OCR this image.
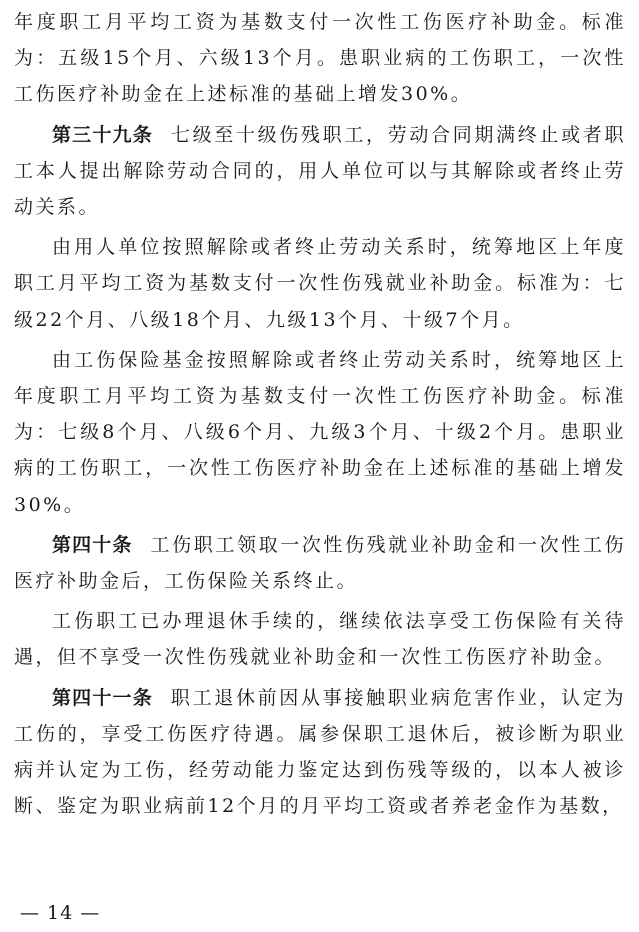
年度职工月平均工资为基数支付一次性工伤医疗补助金。标准为：五级15个月、六级13个月。患职业病的工伤职工，一次性工伤医疗补助金在上述标准的基础上增发30%。

第三十九条 七级至十级伤残职工，劳动合同期满终止或者职工本人提出解除劳动合同的，用人单位可以与其解除或者终止劳动关系。

由用人单位按照解除或者终止劳动关系时，统筹地区上年度职工月平均工资为基数支付一次性伤残就业补助金。标准为：七级22个月、八级18个月、九级13个月、十级7个月。

由工伤保险基金按照解除或者终止劳动关系时，统筹地区上年度职工月平均工资为基数支付一次性工伤医疗补助金。标准为：七级8个月、八级6个月、九级3个月、十级2个月。患职业病的工伤职工，一次性工伤医疗补助金在上述标准的基础上增发30%。

第四十条 工伤职工领取一次性伤残就业补助金和一次性工伤医疗补助金后，工伤保险关系终止。

工伤职工已办理退休手续的，继续依法享受工伤保险有关待遇，但不享受一次性伤残就业补助金和一次性工伤医疗补助金。

第四十一条 职工退休前因从事接触职业病危害作业，认定为工伤的，享受工伤医疗待遇。属参保职工退休后，被诊断为职业病并认定为工伤，经劳动能力鉴定达到伤残等级的，以本人被诊断、鉴定为职业病前12个月的月平均工资或者养老金作为基数，

— 14 —
